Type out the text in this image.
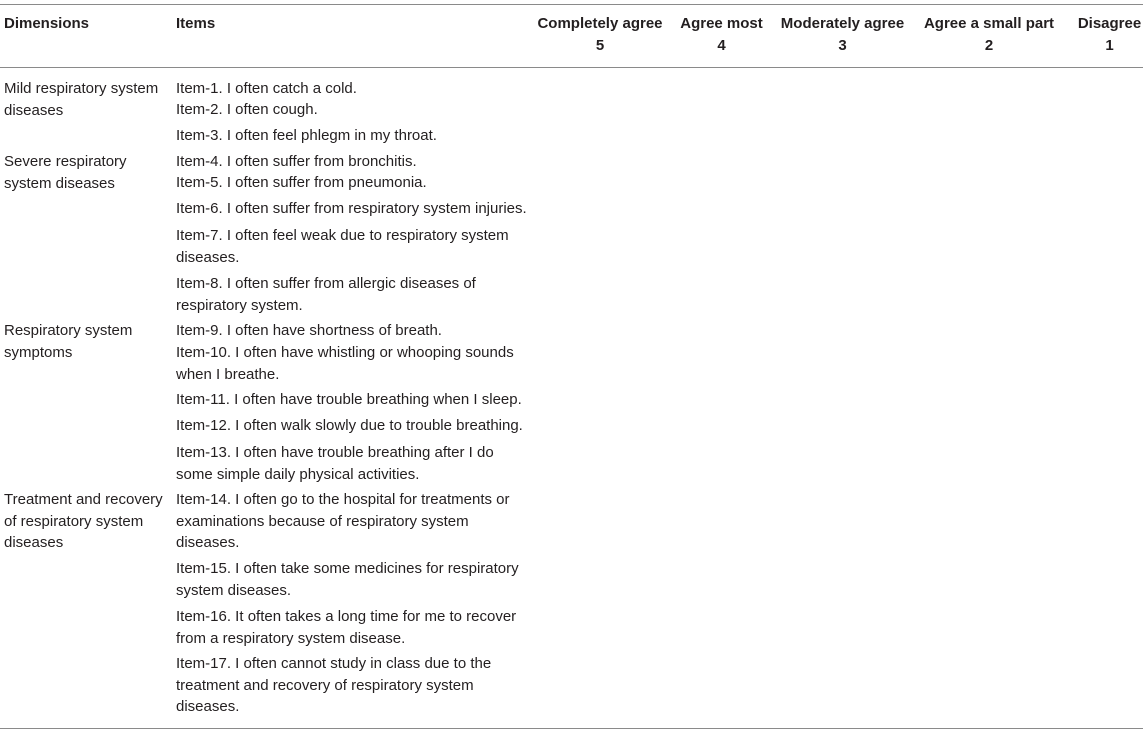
Dimensions	Items	Completely agree
5
Agree most
4
Moderately agree
3
Agree a small part
2
Disagree
1
Mild respiratory system
diseases
Severe respiratory
system diseases
Respiratory system
symptoms
Treatment and recovery
of respiratory system
diseases
Item-1. I often catch a cold.
Item-2. I often cough.
Item-3. I often feel phlegm in my throat.
Item-4. I often suffer from bronchitis.
Item-5. I often suffer from pneumonia.
Item-6. I often suffer from respiratory system injuries.
Item-7. I often feel weak due to respiratory system
diseases.
Item-8. I often suffer from allergic diseases of
respiratory system.
Item-9. I often have shortness of breath.
Item-10. I often have whistling or whooping sounds
when I breathe.
Item-11. I often have trouble breathing when I sleep.
Item-12. I often walk slowly due to trouble breathing.
Item-13. I often have trouble breathing after I do
some simple daily physical activities.
Item-14. I often go to the hospital for treatments or
examinations because of respiratory system
diseases.
Item-15. I often take some medicines for respiratory
system diseases.
Item-16. It often takes a long time for me to recover
from a respiratory system disease.
Item-17. I often cannot study in class due to the
treatment and recovery of respiratory system
diseases.
